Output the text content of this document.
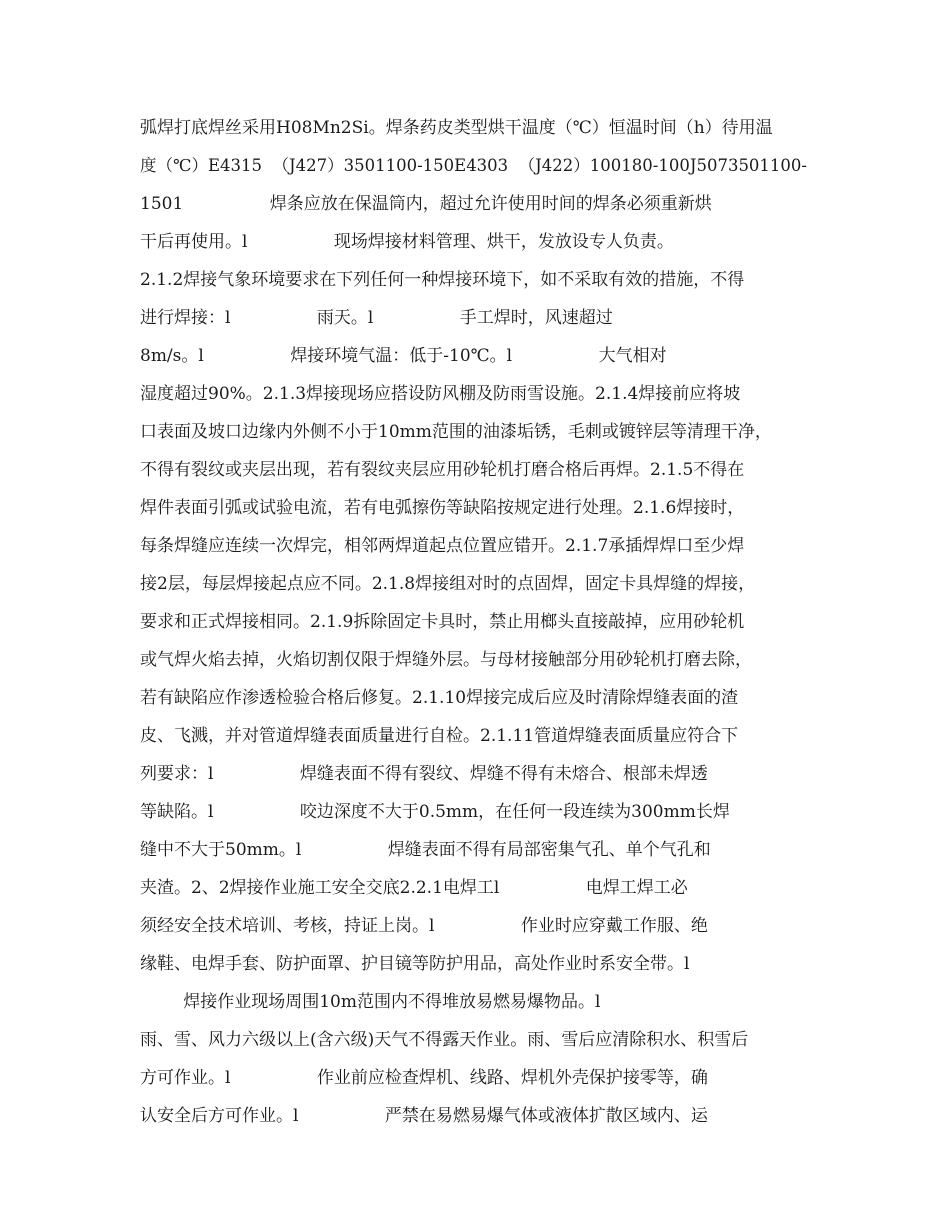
弧焊打底焊丝采用H08Mn2Si。焊条药皮类型烘干温度（℃）恒温时间（h）待用温
度（℃）E4315  （J427）3501100-150E4303  （J422）100180-100J5073501100-
1501                焊条应放在保温筒内，超过允许使用时间的焊条必须重新烘
干后再使用。l                现场焊接材料管理、烘干，发放设专人负责。
2.1.2焊接气象环境要求在下列任何一种焊接环境下，如不采取有效的措施，不得
进行焊接：l                雨天。l                手工焊时，风速超过
8m/s。l                焊接环境气温：低于-10℃。l                大气相对
湿度超过90%。2.1.3焊接现场应搭设防风棚及防雨雪设施。2.1.4焊接前应将坡
口表面及坡口边缘内外侧不小于10mm范围的油漆垢锈，毛刺或镀锌层等清理干净，
不得有裂纹或夹层出现，若有裂纹夹层应用砂轮机打磨合格后再焊。2.1.5不得在
焊件表面引弧或试验电流，若有电弧擦伤等缺陷按规定进行处理。2.1.6焊接时，
每条焊缝应连续一次焊完，相邻两焊道起点位置应错开。2.1.7承插焊焊口至少焊
接2层，每层焊接起点应不同。2.1.8焊接组对时的点固焊，固定卡具焊缝的焊接，
要求和正式焊接相同。2.1.9拆除固定卡具时，禁止用榔头直接敲掉，应用砂轮机
或气焊火焰去掉，火焰切割仅限于焊缝外层。与母材接触部分用砂轮机打磨去除，
若有缺陷应作渗透检验合格后修复。2.1.10焊接完成后应及时清除焊缝表面的渣
皮、飞溅，并对管道焊缝表面质量进行自检。2.1.11管道焊缝表面质量应符合下
列要求：l                焊缝表面不得有裂纹、焊缝不得有未熔合、根部未焊透
等缺陷。l                咬边深度不大于0.5mm，在任何一段连续为300mm长焊
缝中不大于50mm。l                焊缝表面不得有局部密集气孔、单个气孔和
夹渣。2、2焊接作业施工安全交底2.2.1电焊工l                电焊工焊工必
须经安全技术培训、考核，持证上岗。l                作业时应穿戴工作服、绝
缘鞋、电焊手套、防护面罩、护目镜等防护用品，高处作业时系安全带。l
焊接作业现场周围10m范围内不得堆放易燃易爆物品。l
雨、雪、风力六级以上(含六级)天气不得露天作业。雨、雪后应清除积水、积雪后
方可作业。l                作业前应检查焊机、线路、焊机外壳保护接零等，确
认安全后方可作业。l                严禁在易燃易爆气体或液体扩散区域内、运
